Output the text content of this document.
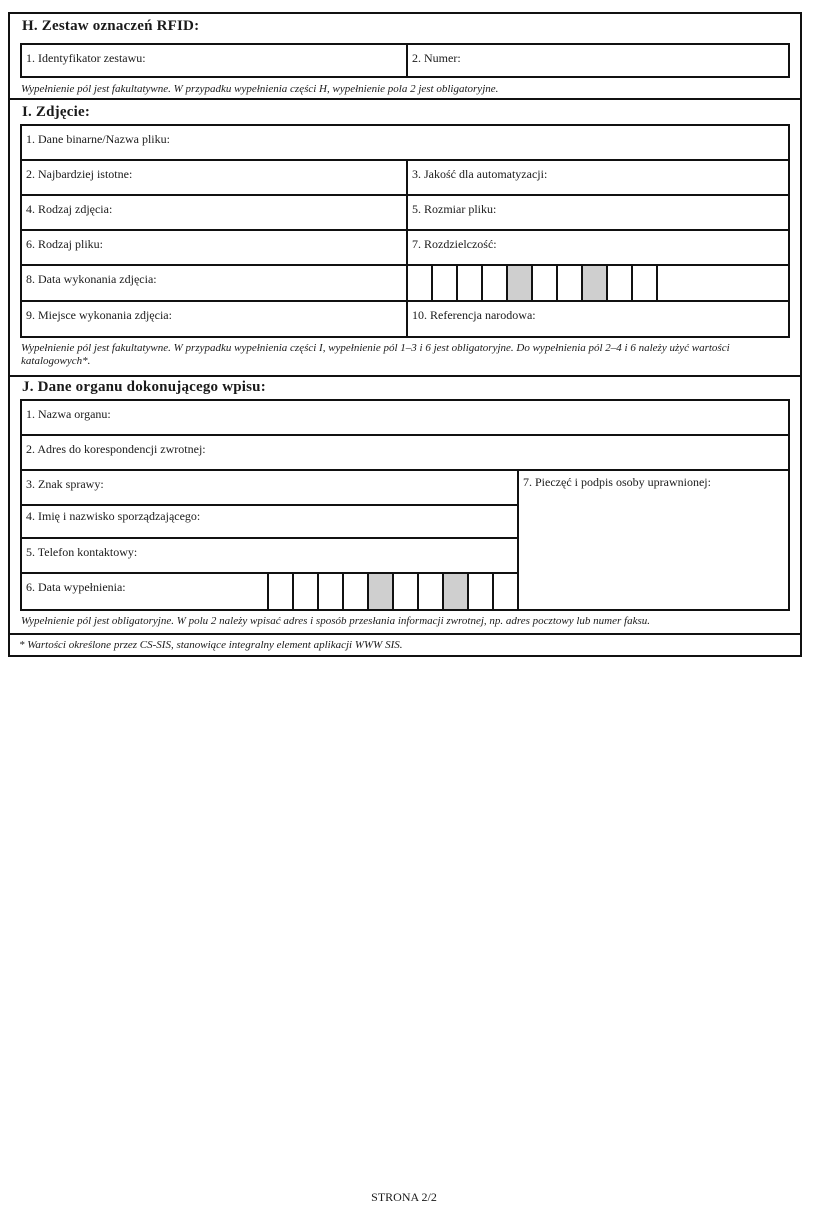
H. Zestaw oznaczeń RFID:
1. Identyfikator zestawu:	2. Numer:
Wypełnienie pól jest fakultatywne. W przypadku wypełnienia części H, wypełnienie pola 2 jest obligatoryjne.
I. Zdjęcie:
1. Dane binarne/Nazwa pliku:
2. Najbardziej istotne:	3. Jakość dla automatyzacji:
4. Rodzaj zdjęcia:	5. Rozmiar pliku:
6. Rodzaj pliku:	7. Rozdzielczość:
8. Data wykonania zdjęcia:
9. Miejsce wykonania zdjęcia:	10. Referencja narodowa:
Wypełnienie pól jest fakultatywne. W przypadku wypełnienia części I, wypełnienie pól 1–3 i 6 jest obligatoryjne. Do wypełnienia pól 2–4 i 6 należy użyć wartości
katalogowych*.
J. Dane organu dokonującego wpisu:
1. Nazwa organu:
2. Adres do korespondencji zwrotnej:
3. Znak sprawy:
4. Imię i nazwisko sporządzającego:
5. Telefon kontaktowy:
6. Data wypełnienia:
7. Pieczęć i podpis osoby uprawnionej:
Wypełnienie pól jest obligatoryjne. W polu 2 należy wpisać adres i sposób przesłania informacji zwrotnej, np. adres pocztowy lub numer faksu.
* Wartości określone przez CS-SIS, stanowiące integralny element aplikacji WWW SIS.
STRONA 2/2
